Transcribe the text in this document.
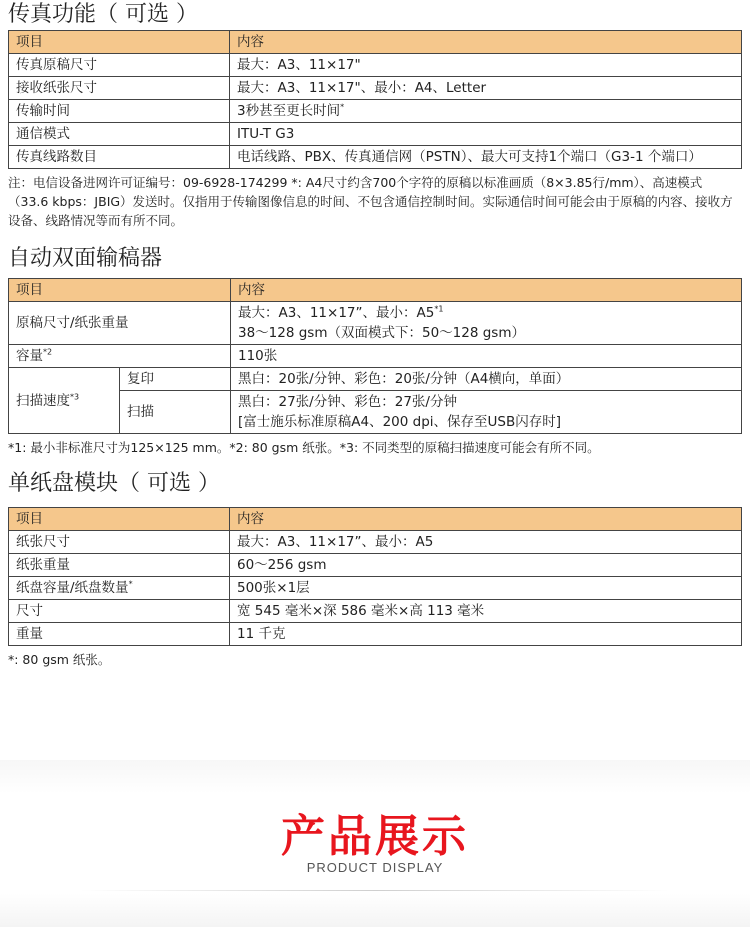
传真功能（ 可选 ）
项目	内容
传真原稿尺寸	最大：A3、11×17"
接收纸张尺寸	最大：A3、11×17"、最小：A4、Letter
传输时间	3秒甚至更长时间*
通信模式	ITU-T G3
传真线路数目	电话线路、PBX、传真通信网（PSTN）、最大可支持1个端口（G3-1 个端口）
注：电信设备进网许可证编号：09-6928-174299 *: A4尺寸约含700个字符的原稿以标准画质（8×3.85行/mm）、高速模式（33.6 kbps：JBIG）发送时。仅指用于传输图像信息的时间、不包含通信控制时间。实际通信时间可能会由于原稿的内容、接收方设备、线路情况等而有所不同。
自动双面输稿器
项目		内容
原稿尺寸/纸张重量		最大：A3、11×17”、最小：A5$^{*1}$
38～128 gsm（双面模式下：50～128 gsm）

容量$^{*2}$		110张
扫描速度$^{*3}$	复印	黑白：20张/分钟、彩色：20张/分钟（A4横向，单面）
	扫描	黑白：27张/分钟、彩色：27张/分钟
[富士施乐标准原稿A4、200 dpi、保存至USB闪存时]
*1: 最小非标准尺寸为125×125 mm。*2: 80 gsm 纸张。*3: 不同类型的原稿扫描速度可能会有所不同。
单纸盘模块（ 可选 ）
项目	内容
纸张尺寸	最大：A3、11×17”、最小：A5
纸张重量	60～256 gsm
纸盘容量/纸盘数量*	500张×1层
尺寸	宽 545 毫米×深 586 毫米×高 113 毫米
重量	11 千克
*: 80 gsm 纸张。
产品展示
PRODUCT DISPLAY
